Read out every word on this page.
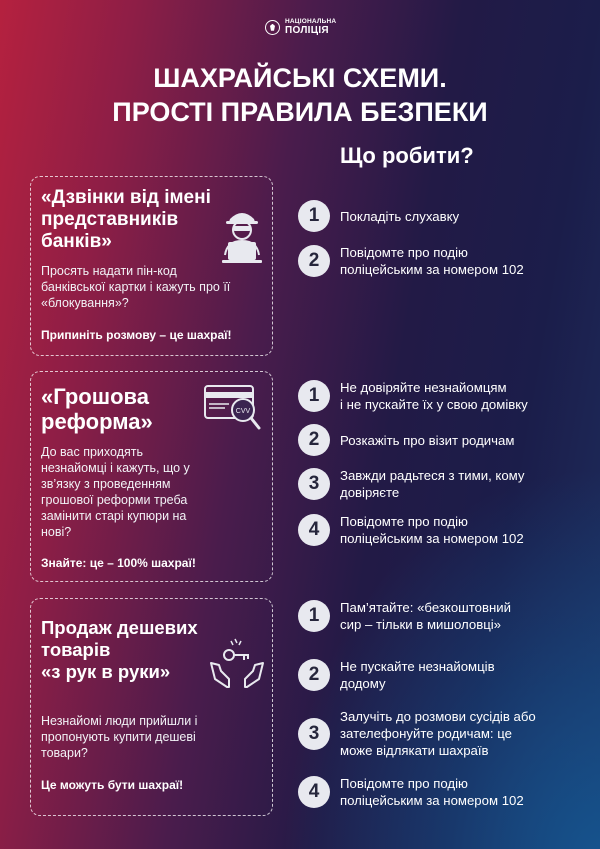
НАЦІОНАЛЬНА
ПОЛІЦІЯ
ШАХРАЙСЬКІ СХЕМИ.
ПРОСТІ ПРАВИЛА БЕЗПЕКИ
Що робити?
«Дзвінки від імені
представників
банків»
Просять надати пін-код
банківської картки і кажуть про її
«блокування»?
Припиніть розмову – це шахраї!
«Грошова
реформа»
До вас приходять
незнайомці і кажуть, що у
зв’язку з проведенням
грошової реформи треба
замінити старі купюри на
нові?
Знайте: це – 100% шахраї!
CVV
Продаж дешевих
товарів
«з рук в руки»
Незнайомі люди прийшли і
пропонують купити дешеві
товари?
Це можуть бути шахраї!
1	Покладіть слухавку
2	Повідомте про подію
поліцейським за номером 102
1	Не довіряйте незнайомцям
і не пускайте їх у свою домівку
2	Розкажіть про візит родичам
3	Завжди радьтеся з тими, кому
довіряєте
4	Повідомте про подію
поліцейським за номером 102
1	Пам’ятайте: «безкоштовний
сир – тільки в мишоловці»
2	Не пускайте незнайомців
додому
3
Залучіть до розмови сусідів або
зателефонуйте родичам: це
може відлякати шахраїв
4	Повідомте про подію
поліцейським за номером 102
